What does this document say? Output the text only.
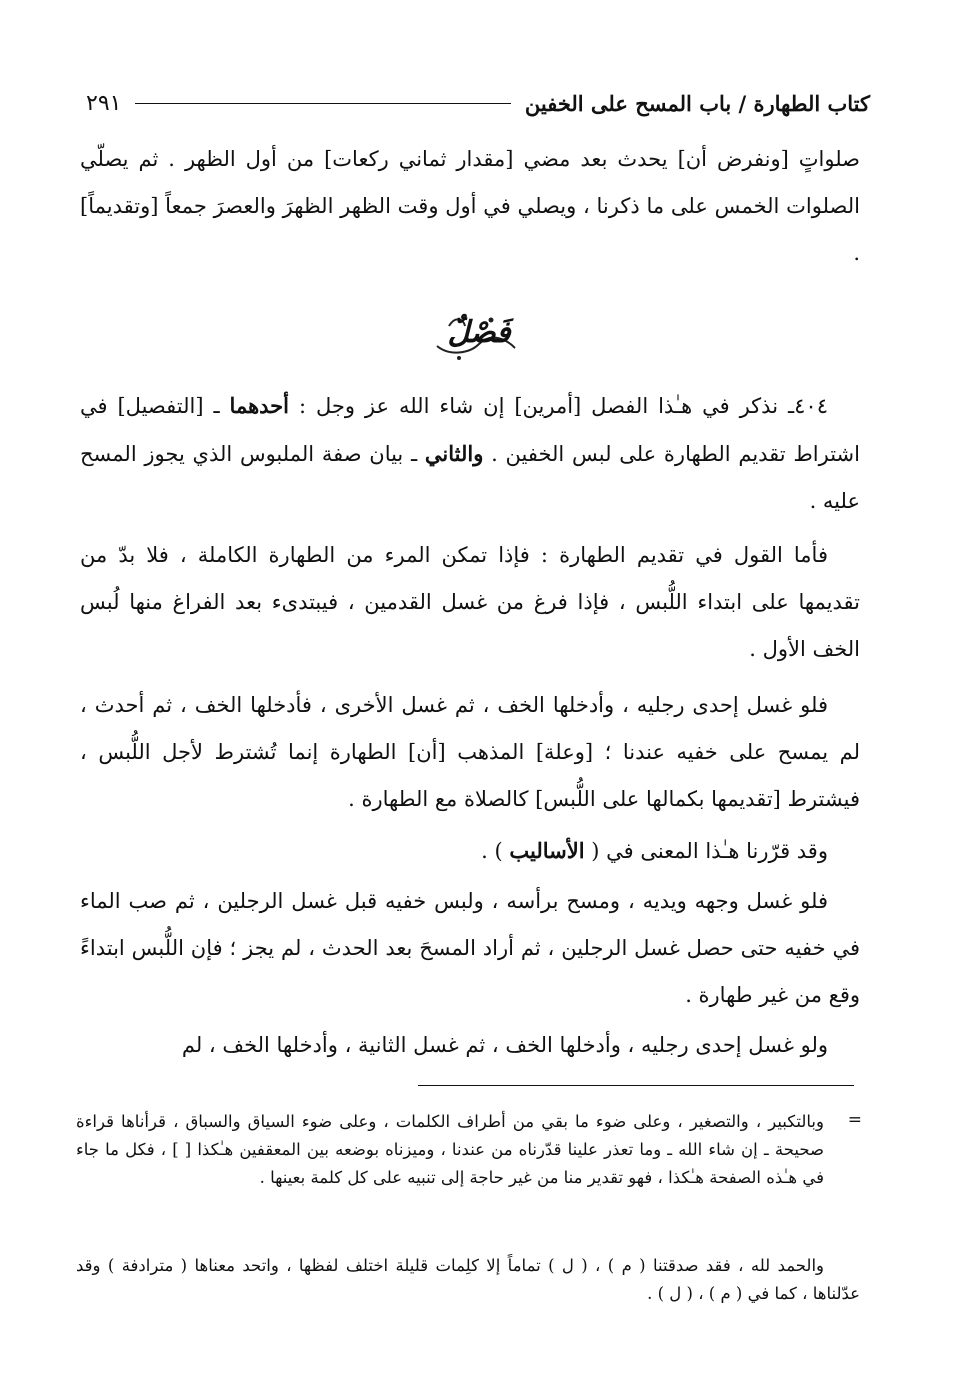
كتاب الطهارة / باب المسح على الخفين
٢٩١
صلواتٍ [ونفرض أن] يحدث بعد مضي [مقدار ثماني ركعات] من أول الظهر . ثم يصلّي الصلوات الخمس على ما ذكرنا ، ويصلي في أول وقت الظهر الظهرَ والعصرَ جمعاً [وتقديماً] .
فَصْلٌ
٤٠٤ـ نذكر في هـٰذا الفصل [أمرين] إن شاء الله عز وجل : أحدهما ـ [التفصيل] في اشتراط تقديم الطهارة على لبس الخفين . والثاني ـ بيان صفة الملبوس الذي يجوز المسح عليه .
فأما القول في تقديم الطهارة : فإذا تمكن المرء من الطهارة الكاملة ، فلا بدّ من تقديمها على ابتداء اللُّبس ، فإذا فرغ من غسل القدمين ، فيبتدىء بعد الفراغ منها لُبس الخف الأول .
فلو غسل إحدى رجليه ، وأدخلها الخف ، ثم غسل الأخرى ، فأدخلها الخف ، ثم أحدث ، لم يمسح على خفيه عندنا ؛ [وعلة] المذهب [أن] الطهارة إنما تُشترط لأجل اللُّبس ، فيشترط [تقديمها بكمالها على اللُّبس] كالصلاة مع الطهارة .
وقد قرّرنا هـٰذا المعنى في ( الأساليب ) .
فلو غسل وجهه ويديه ، ومسح برأسه ، ولبس خفيه قبل غسل الرجلين ، ثم صب الماء في خفيه حتى حصل غسل الرجلين ، ثم أراد المسحَ بعد الحدث ، لم يجز ؛ فإن اللُّبس ابتداءً وقع من غير طهارة .
ولو غسل إحدى رجليه ، وأدخلها الخف ، ثم غسل الثانية ، وأدخلها الخف ، لم
=
وبالتكبير ، والتصغير ، وعلى ضوء ما بقي من أطراف الكلمات ، وعلى ضوء السياق والسباق ، قرأناها قراءة صحيحة ـ إن شاء الله ـ وما تعذر علينا قدّرناه من عندنا ، وميزناه بوضعه بين المعقفين هـٰكذا [ ] ، فكل ما جاء في هـٰذه الصفحة هـٰكذا ، فهو تقدير منا من غير حاجة إلى تنبيه على كل كلمة بعينها .
والحمد لله ، فقد صدقتنا ( م ) ، ( ل ) تماماً إلا كلِمات قليلة اختلف لفظها ، واتحد معناها ( مترادفة ) وقد عدّلناها ، كما في ( م ) ، ( ل ) .
